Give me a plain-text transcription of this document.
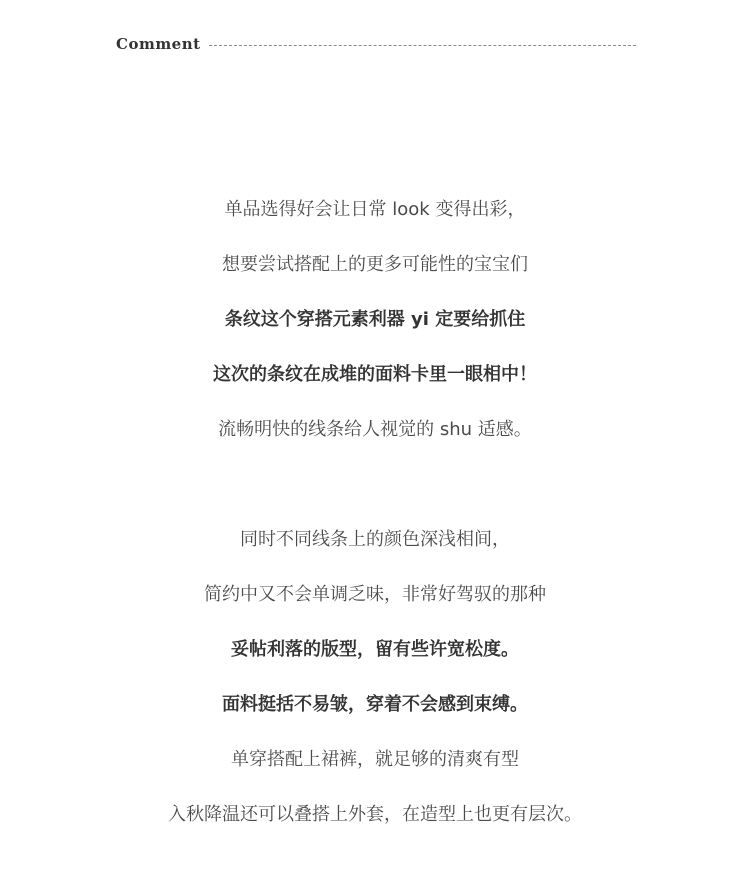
Comment
单品选得好会让日常 look 变得出彩，
想要尝试搭配上的更多可能性的宝宝们
条纹这个穿搭元素利器 yi 定要给抓住
这次的条纹在成堆的面料卡里一眼相中！
流畅明快的线条给人视觉的 shu 适感。
同时不同线条上的颜色深浅相间，
简约中又不会单调乏味，非常好驾驭的那种
妥帖利落的版型，留有些许宽松度。
面料挺括不易皱，穿着不会感到束缚。
单穿搭配上裙裤，就足够的清爽有型
入秋降温还可以叠搭上外套，在造型上也更有层次。
